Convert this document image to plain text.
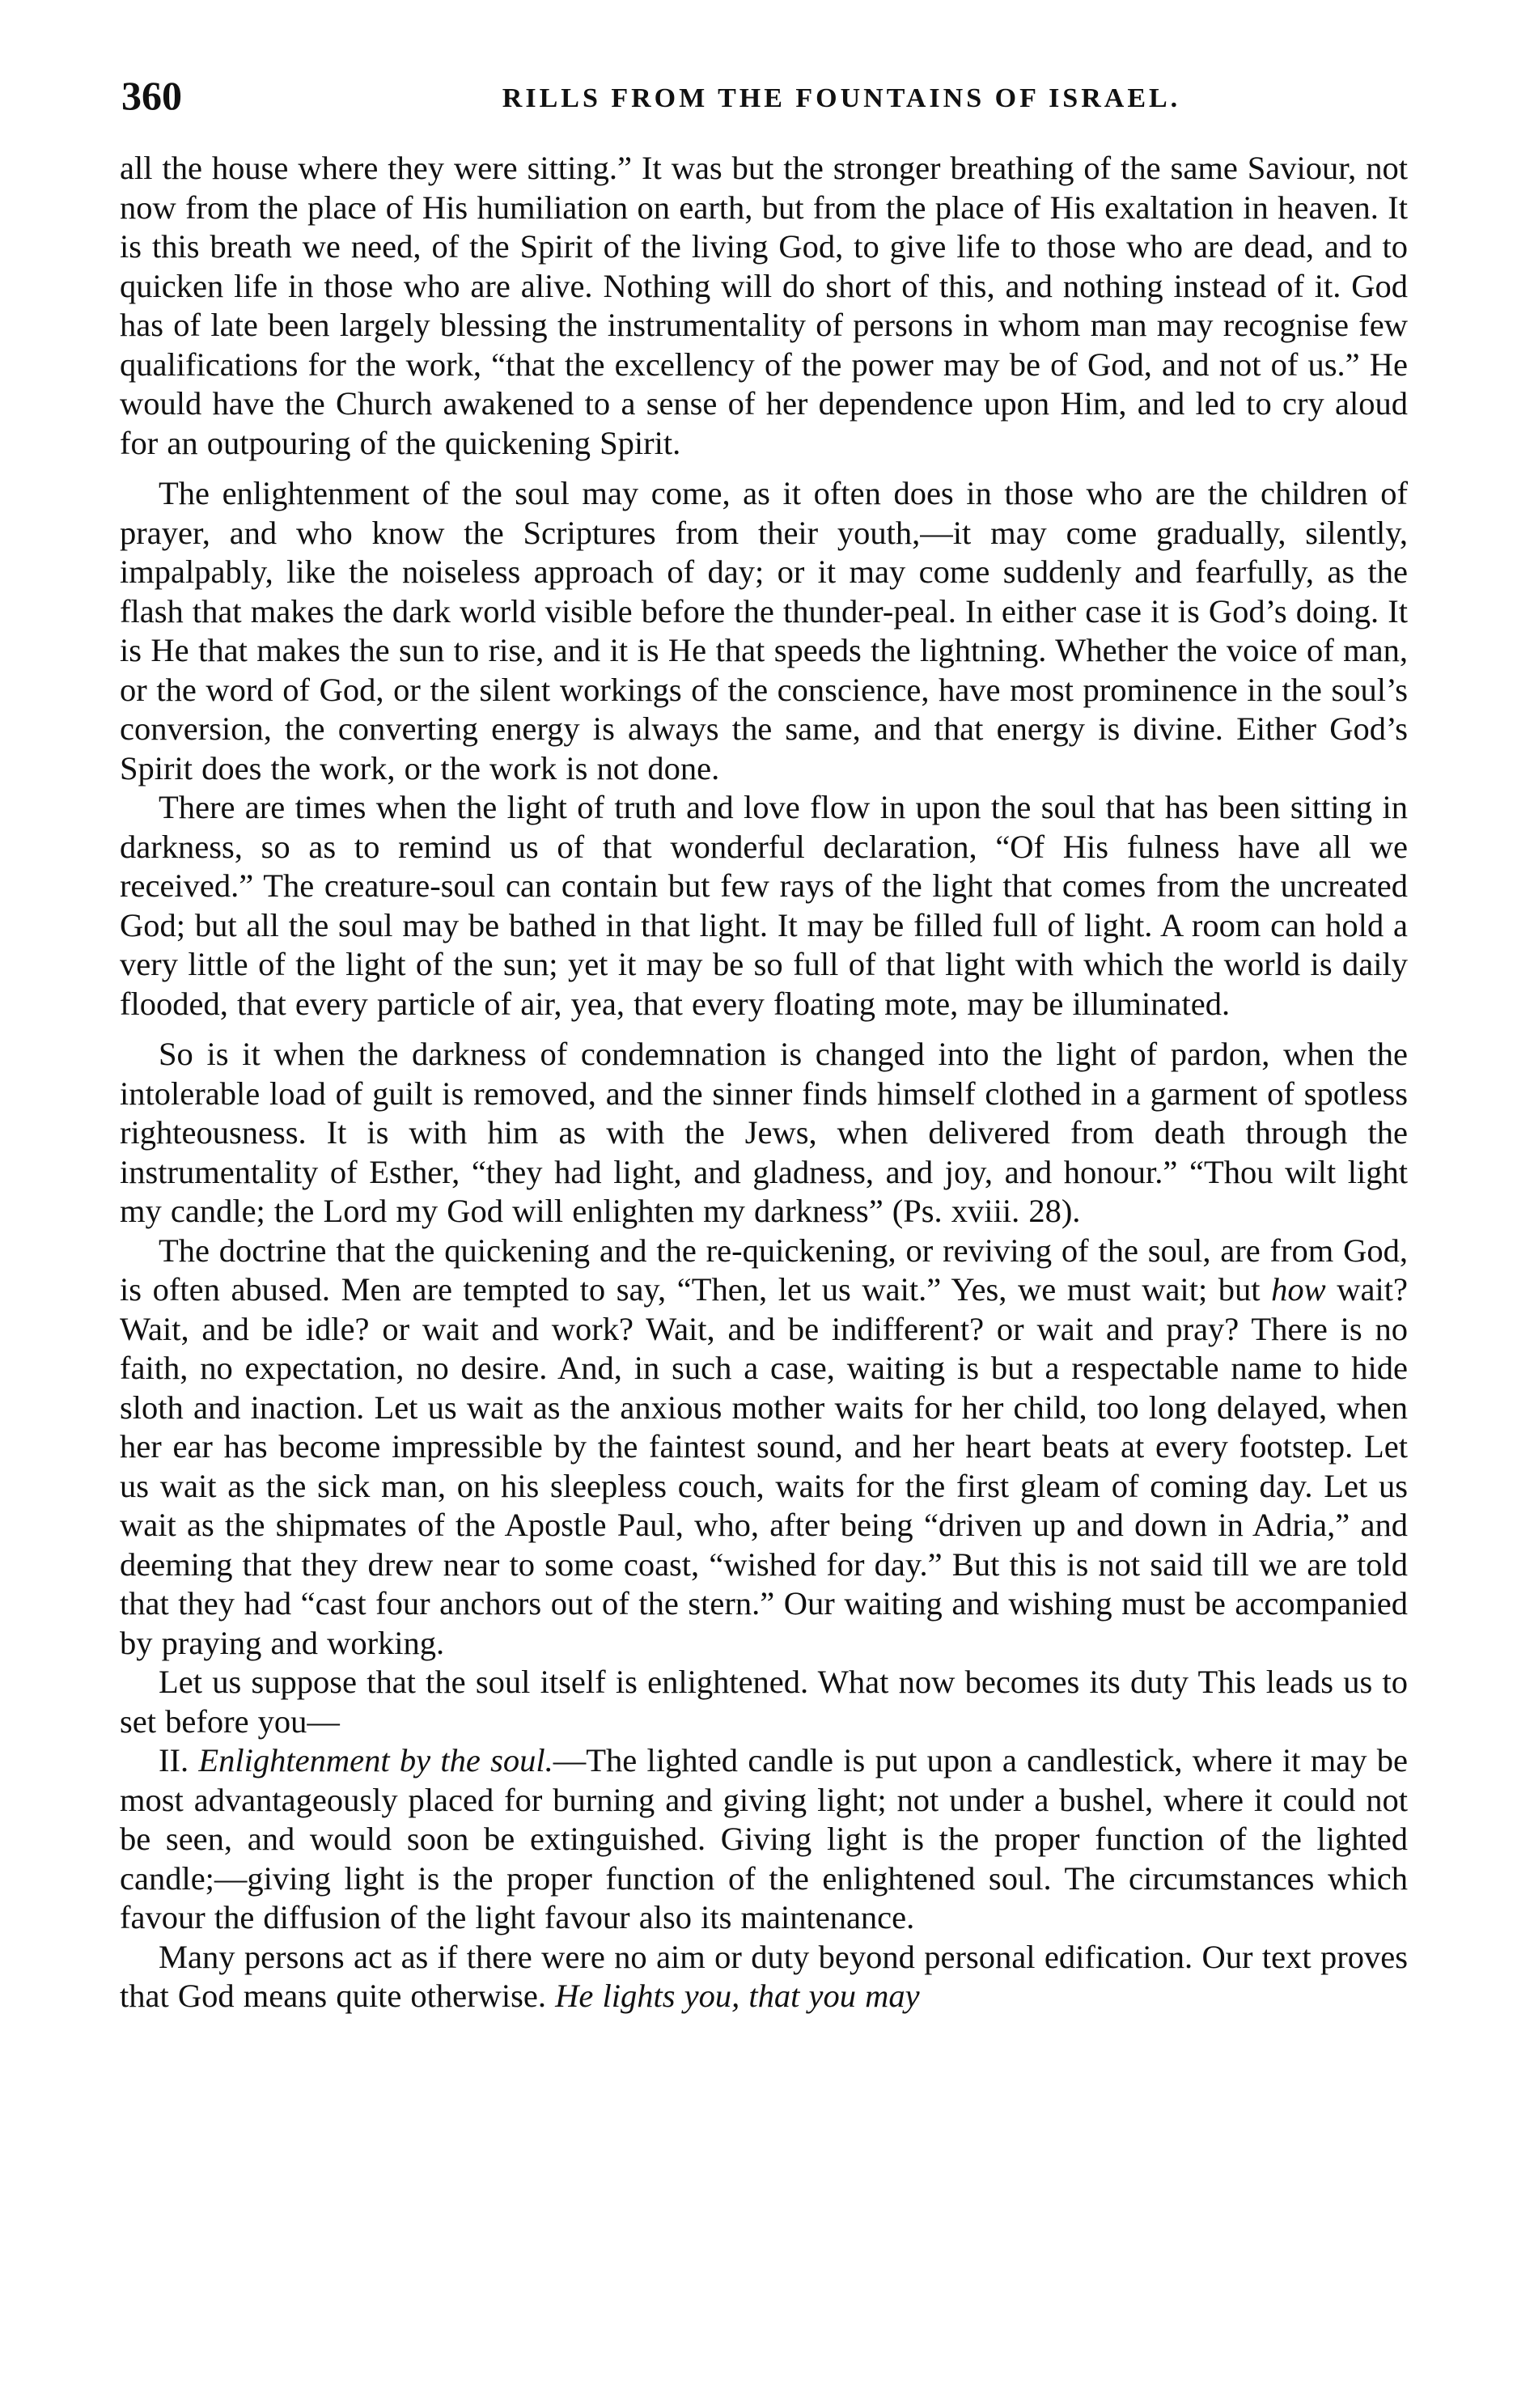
360	RILLS FROM THE FOUNTAINS OF ISRAEL.

all the house where they were sitting.” It was but the stronger breathing of the same Saviour, not now from the place of His humiliation on earth, but from the place of His exaltation in heaven. It is this breath we need, of the Spirit of the living God, to give life to those who are dead, and to quicken life in those who are alive. Nothing will do short of this, and nothing instead of it. God has of late been largely blessing the instrumentality of persons in whom man may recognise few qualifications for the work, “that the excellency of the power may be of God, and not of us.” He would have the Church awakened to a sense of her dependence upon Him, and led to cry aloud for an outpouring of the quickening Spirit.

The enlightenment of the soul may come, as it often does in those who are the children of prayer, and who know the Scriptures from their youth,—it may come gradually, silently, impalpably, like the noiseless approach of day; or it may come suddenly and fearfully, as the flash that makes the dark world visible before the thunder-peal. In either case it is God’s doing. It is He that makes the sun to rise, and it is He that speeds the lightning. Whether the voice of man, or the word of God, or the silent workings of the conscience, have most prominence in the soul’s conversion, the converting energy is always the same, and that energy is divine. Either God’s Spirit does the work, or the work is not done.

There are times when the light of truth and love flow in upon the soul that has been sitting in darkness, so as to remind us of that wonderful declaration, “Of His fulness have all we received.” The creature-soul can contain but few rays of the light that comes from the uncreated God; but all the soul may be bathed in that light. It may be filled full of light. A room can hold a very little of the light of the sun; yet it may be so full of that light with which the world is daily flooded, that every particle of air, yea, that every floating mote, may be illuminated.

So is it when the darkness of condemnation is changed into the light of pardon, when the intolerable load of guilt is removed, and the sinner finds himself clothed in a garment of spotless righteousness. It is with him as with the Jews, when delivered from death through the instrumentality of Esther, “they had light, and gladness, and joy, and honour.” “Thou wilt light my candle; the Lord my God will enlighten my darkness” (Ps. xviii. 28).

The doctrine that the quickening and the re-quickening, or reviving of the soul, are from God, is often abused. Men are tempted to say, “Then, let us wait.” Yes, we must wait; but how wait? Wait, and be idle? or wait and work? Wait, and be indifferent? or wait and pray? There is no faith, no expectation, no desire. And, in such a case, waiting is but a respectable name to hide sloth and inaction. Let us wait as the anxious mother waits for her child, too long delayed, when her ear has become impressible by the faintest sound, and her heart beats at every footstep. Let us wait as the sick man, on his sleepless couch, waits for the first gleam of coming day. Let us wait as the shipmates of the Apostle Paul, who, after being “driven up and down in Adria,” and deeming that they drew near to some coast, “wished for day.” But this is not said till we are told that they had “cast four anchors out of the stern.” Our waiting and wishing must be accompanied by praying and working.

Let us suppose that the soul itself is enlightened. What now becomes its duty This leads us to set before you—

II. Enlightenment by the soul.—The lighted candle is put upon a candlestick, where it may be most advantageously placed for burning and giving light; not under a bushel, where it could not be seen, and would soon be extinguished. Giving light is the proper function of the lighted candle;—giving light is the proper function of the enlightened soul. The circumstances which favour the diffusion of the light favour also its maintenance.

Many persons act as if there were no aim or duty beyond personal edification. Our text proves that God means quite otherwise. He lights you, that you may
